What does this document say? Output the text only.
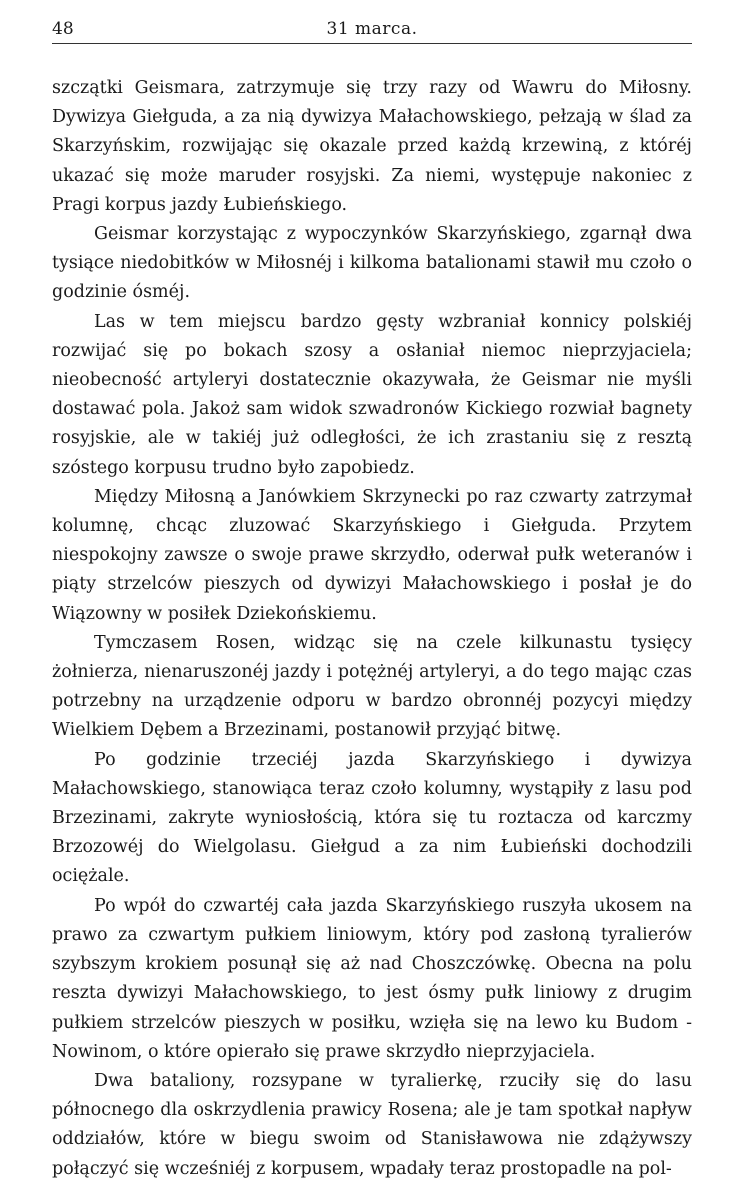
48	31 marca.

szczątki Geismara, zatrzymuje się trzy razy od Wawru do Miłosny. Dywizya Giełguda, a za nią dywizya Małachowskiego, pełzają w ślad za Skarzyńskim, rozwijając się okazale przed każdą krzewiną, z któréj ukazać się może maruder rosyjski. Za niemi, występuje nakoniec z Pragi korpus jazdy Łubieńskiego.

Geismar korzystając z wypoczynków Skarzyńskiego, zgarnął dwa tysiące niedobitków w Miłosnéj i kilkoma batalionami stawił mu czoło o godzinie ósméj.

Las w tem miejscu bardzo gęsty wzbraniał konnicy polskiéj rozwijać się po bokach szosy a osłaniał niemoc nieprzyjaciela; nieobecność artyleryi dostatecznie okazywała, że Geismar nie myśli dostawać pola. Jakoż sam widok szwadronów Kickiego rozwiał bagnety rosyjskie, ale w takiéj już odległości, że ich zrastaniu się z resztą szóstego korpusu trudno było zapobiedz.

Między Miłosną a Janówkiem Skrzynecki po raz czwarty zatrzymał kolumnę, chcąc zluzować Skarzyńskiego i Giełguda. Przytem niespokojny zawsze o swoje prawe skrzydło, oderwał pułk weteranów i piąty strzelców pieszych od dywizyi Małachowskiego i posłał je do Wiązowny w posiłek Dziekońskiemu.

Tymczasem Rosen, widząc się na czele kilkunastu tysięcy żołnierza, nienaruszonéj jazdy i potężnéj artyleryi, a do tego mając czas potrzebny na urządzenie odporu w bardzo obronnéj pozycyi między Wielkiem Dębem a Brzezinami, postanowił przyjąć bitwę.

Po godzinie trzeciéj jazda Skarzyńskiego i dywizya Małachowskiego, stanowiąca teraz czoło kolumny, wystąpiły z lasu pod Brzezinami, zakryte wyniosłością, która się tu roztacza od karczmy Brzozowéj do Wielgolasu. Giełgud a za nim Łubieński dochodzili ociężale.

Po wpół do czwartéj cała jazda Skarzyńskiego ruszyła ukosem na prawo za czwartym pułkiem liniowym, który pod zasłoną tyralierów szybszym krokiem posunął się aż nad Choszczówkę. Obecna na polu reszta dywizyi Małachowskiego, to jest ósmy pułk liniowy z drugim pułkiem strzelców pieszych w posiłku, wzięła się na lewo ku Budom - Nowinom, o które opierało się prawe skrzydło nieprzyjaciela.

Dwa bataliony, rozsypane w tyralierkę, rzuciły się do lasu północnego dla oskrzydlenia prawicy Rosena; ale je tam spotkał napływ oddziałów, które w biegu swoim od Stanisławowa nie zdążywszy połączyć się wcześniéj z korpusem, wpadały teraz prostopadle na pol-
